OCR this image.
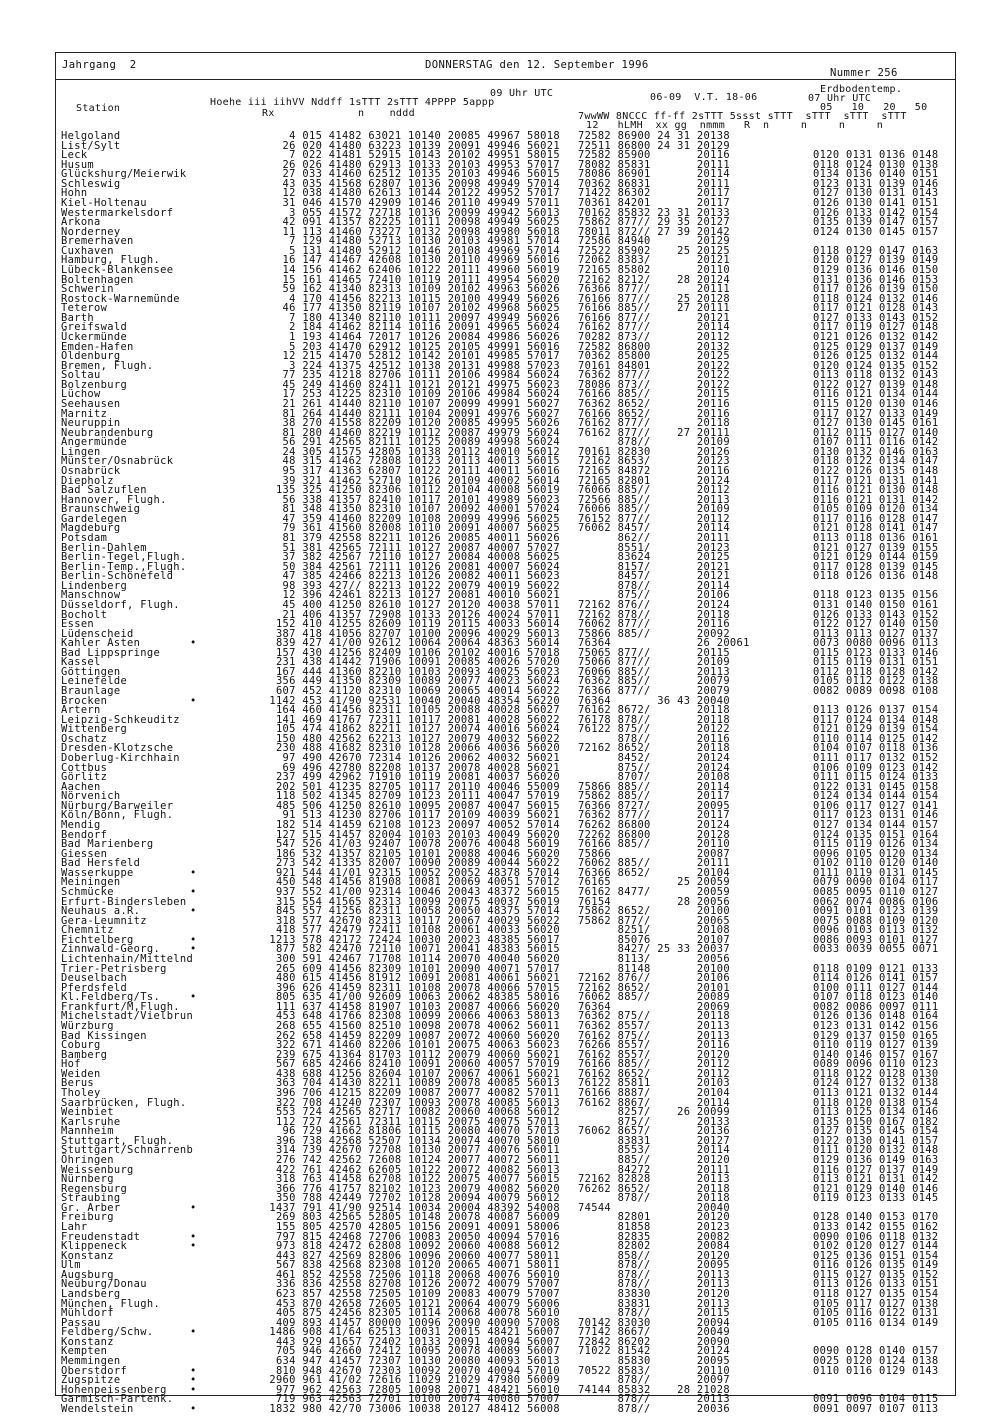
Jahrgang  2	DONNERSTAG den 12. September 1996
Nummer 256
Station
Hoehe iii iihVV Nddff 1sTTT 2sTTT 4PPPP 5appp
Rx	n    nddd
09 Uhr UTC	06-09  V.T. 18-06
Erdbodentemp.
07 Uhr UTC
05   10   20   50
7wwWW 8NCCC ff-ff 2sTTT 5ssst sTTT  sTTT  sTTT  sTTT
12   hLMH  xx gg  nmmm   R  n     n     n     n
Helgoland	4 015 41482 63021 10140 20085 49967 58018 72582 86900 24 31 20138
List/Sylt	26 020 41480 63223 10139 20091 49946 56021 72511 86800 24 31 20129
Leck	7 022 41481 52915 10143 20102 49951 58015 72582 85900       20116	0120 0131 0136 0148
Husum	26 026 41480 62913 10133 20103 49953 57017 78082 85831       20111	0118 0124 0130 0138
Glückshurg/Meierwik	27 033 41460 62512 10135 20103 49946 56015 78086 86901       20114	0134 0136 0140 0151
Schleswig	43 035 41568 62807 10136 20098 49949 57014 70362 86831       20111	0123 0131 0139 0146
Hohn	12 038 41480 62613 10144 20122 49952 57017 71422 86302       20117	0127 0130 0131 0143
Kiel-Holtenau	31 046 41570 42909 10146 20110 49949 57011 70361 84201       20117	0126 0130 0141 0151
Westermarkelsdorf	3 055 41572 72718 10136 20099 49942 56013 70162 85832 23 31 20133	0126 0133 0142 0154
Arkona	42 091 41357 82225 10111 20098 49949 56025 75862 877// 29 35 20127	0135 0139 0147 0157
Norderney	11 113 41460 73227 10132 20098 49980 56018 78011 872// 27 39 20142	0124 0130 0145 0157
Bremerhaven	7 129 41480 52713 10130 20103 49981 57014 72586 84940       20129
Cuxhaven	5 131 41480 52912 10146 20108 49969 57014 72522 85902    25 20125	0118 0129 0147 0163
Hamburg, Flugh.	16 147 41467 42608 10130 20110 49969 56016 72062 8383/       20121	0120 0127 0139 0149
Lübeck-Blankensee	14 156 41462 62406 10122 20111 49960 56019 72165 85802       20110	0129 0136 0146 0150
Boltenhagen	15 161 41465 72410 10119 20111 49954 56020 72162 8212/    28 20124	0131 0136 0146 0153
Schwerin	59 162 41340 82313 10109 20102 49963 56026 76366 877//       20111	0117 0126 0139 0150
Rostock-Warnemünde	4 170 41456 82213 10115 20100 49949 56026 76166 877//    25 20128	0118 0124 0132 0146
Teterow	46 177 41350 82119 10107 20102 49968 56025 76166 885//    27 20111	0117 0121 0128 0143
Barth	7 180 41340 82110 10111 20097 49949 56026 76166 877//       20121	0127 0133 0143 0152
Greifswald	2 184 41462 82114 10116 20091 49965 56024 76162 877//       20114	0117 0119 0127 0148
Ückermünde	1 193 41464 72017 10126 20084 49986 56026 70282 873//       20112	0121 0126 0132 0142
Emden-Hafen	5 203 41470 62912 10125 20105 49991 56016 72582 86800       20132	0125 0129 0137 0149
Oldenburg	12 215 41470 52812 10142 20101 49985 57017 70362 85800       20125	0126 0125 0132 0144
Bremen, Flugh.	3 224 41375 42512 10138 20131 49988 57023 70161 84801       20122	0120 0124 0135 0152
Soltau	77 235 41218 82706 10111 20106 49984 56024 76362 877//       20122	0113 0118 0132 0143
Bolzenburg	45 249 41460 82411 10121 20121 49975 56023 78086 873//       20122	0122 0127 0139 0148
Lüchow	17 253 41225 82310 10109 20106 49984 56024 76166 885//       20115	0116 0121 0134 0144
Seehausen	21 261 41440 82110 10107 20099 49991 56027 76362 8652/       20116	0115 0120 0130 0146
Marnitz	81 264 41440 82111 10104 20091 49976 56027 76166 8652/       20116	0117 0127 0133 0149
Neuruppin	38 270 41558 82209 10120 20085 49995 56026 76162 877//       20118	0127 0130 0145 0161
Neubrandenburg	81 280 41460 82219 10112 20087 49979 56024 76162 877//    27 20111	0112 0115 0127 0140
Angermünde	56 291 42565 82111 10125 20089 49998 56024 878//       20109	0107 0111 0116 0142
Lingen	24 305 41575 42805 10138 20112 40010 56012 70161 82830       20126	0130 0132 0146 0163
Münster/Osnabrück	48 315 41462 72808 10123 20113 40013 56015 72162 8653/       20123	0118 0122 0134 0147
Osnabrück	95 317 41363 62807 10122 20111 40011 56016 72165 84872       20116	0122 0126 0135 0148
Diepholz	39 321 41462 52710 10126 20109 40002 56014 72165 82801       20124	0117 0121 0131 0141
Bad Salzuflen	135 325 41250 82306 10112 20104 40008 56019 76066 885//       20112	0116 0121 0130 0148
Hannover, Flugh.	56 338 41357 82410 10117 20101 49989 56023 72566 885//       20113	0116 0121 0131 0142
Braunschweig	81 348 41350 82310 10107 20092 40001 57024 76066 885//       20109	0105 0109 0120 0134
Gardelegen	47 359 41460 82209 10108 20099 49996 56025 76152 877//       20112	0117 0116 0128 0147
Magdeburg	79 361 41560 82008 10110 20091 40007 56025 76062 8457/       20114	0121 0128 0141 0147
Potsdam	81 379 42558 82211 10126 20085 40011 56026 862//       20111	0113 0118 0136 0161
Berlin-Dahlem	51 381 42565 72111 10127 20087 40007 57027 8551/       20123	0121 0127 0139 0155
Berlin-Tegel,Flugh.	37 382 42567 72110 10127 20084 40008 56025 83624       20125	0121 0129 0144 0159
Berlin-Temp.,Flugh.	50 384 42561 72111 10126 20081 40007 56024 8157/       20121	0117 0128 0139 0145
Berlin-Schönefeld	47 385 42466 82213 10126 20082 40011 56023 8457/       20121	0118 0126 0136 0148
Lindenberg	98 393 427// 82213 10122 20079 40019 56022 878//       20114
Manschnow	12 396 42461 82213 10127 20081 40010 56021 875//       20106	0118 0123 0135 0156
Düsseldorf, Flugh.	45 400 41250 82610 10127 20120 40038 57011 72162 876//       20124	0131 0140 0150 0161
Bocholt	21 406 41357 72908 10133 20126 40024 57011 72162 878//       20118	0126 0133 0143 0152
Essen	152 410 41255 82609 10119 20115 40033 56014 76062 877//       20116	0122 0127 0140 0150
Lüdenscheid	387 418 41056 82707 10100 20096 40029 56013 75866 885//       20092	0113 0113 0127 0137
Kahler Asten	•	839 427 41/00 92612 10064 20064 48363 56014 76364             26 20061	0073 0080 0096 0113
Bad Lippspringe	157 430 41256 82409 10106 20102 40016 57018 75065 877//       20115	0115 0123 0133 0146
Kassel	231 438 41442 71906 10091 20085 40026 57020 75066 877//       20109	0115 0119 0131 0151
Göttingen	167 444 41360 82210 10103 20093 40025 56023 76066 885//       20113	0112 0118 0128 0142
Leinefelde	356 449 41350 82309 10089 20077 40023 56024 76362 885//       20079	0105 0112 0122 0138
Braunlage	607 452 41120 82310 10069 20065 40014 56022 76366 877//       20079	0082 0089 0098 0108
Brocken	•	1142 453 41/90 92531 10040 20040 48354 56220 76364       36 43 20040
Artern	164 460 41456 82311 10105 20088 40028 56027 76162 8672/       20118	0113 0126 0137 0154
Leipzig-Schkeuditz	141 469 41767 72311 10117 20081 40028 56022 76178 878//       20118	0117 0124 0134 0148
Wittenberg	105 474 41862 82211 10127 20074 40016 56024 76122 875//       20122	0121 0129 0139 0154
Oschatz	150 480 42562 62213 10127 20079 40032 56022 878//       20116	0110 0114 0125 0142
Dresden-Klotzsche	230 488 41682 82310 10128 20066 40036 56020 72162 8652/       20118	0104 0107 0118 0136
Doberlug-Kirchhain	97 490 42670 72314 10126 20062 40032 56021 8452/       20124	0111 0117 0132 0152
Cottbus	69 496 42780 82208 10137 20078 40028 56021 875//       20124	0106 0109 0123 0142
Görlitz	237 499 42962 71910 10119 20081 40037 56020 8707/       20108	0111 0115 0124 0133
Aachen	202 501 41235 82705 10117 20110 40046 55009 75866 885//       20114	0122 0131 0145 0158
Nörvenich	118 502 41345 82709 10123 20111 40047 57019 75862 885//       20117	0124 0134 0144 0154
Nürburg/Barweiler	485 506 41250 82610 10095 20087 40047 56015 76366 8727/       20095	0106 0117 0127 0141
Köln/Bonn, Flugh.	91 513 41230 82706 10117 20109 40039 56021 76362 877//       20117	0117 0123 0131 0146
Mendig	182 514 41459 62108 10123 20097 40052 57014 76262 86800       20124	0127 0134 0144 0157
Bendorf	127 515 41457 82004 10103 20103 40049 56020 72262 86800       20128	0124 0135 0151 0164
Bad Marienberg	547 526 41/03 92407 10078 20076 40048 56019 76166 885//       20110	0115 0119 0126 0134
Giessen	186 532 41357 82105 10101 20088 40046 56020 75866             20087	0096 0105 0120 0134
Bad Hersfeld	273 542 41335 82007 10090 20089 40044 56022 76062 885//       20111	0102 0110 0120 0140
Wasserkuppe	•	921 544 41/01 92315 10052 20052 48378 57014 76366 8652/       20104	0111 0119 0131 0145
Meiningen	450 548 41456 81908 10081 20069 40051 57012 76165          25 20059	0079 0090 0104 0117
Schmücke	•	937 552 41/00 92314 10046 20043 48372 56015 76162 8477/       20059	0085 0095 0110 0127
Erfurt-Bindersleben	315 554 41565 82313 10099 20075 40037 56019 76154          28 20056	0062 0074 0086 0106
Neuhaus a.R.	•	845 557 41256 82311 10058 20050 48375 57014 75862 8652/       20100	0091 0101 0123 0139
Gera-Leumnitz	318 577 42670 82313 10117 20067 40029 56022 75862 877//       20065	0075 0088 0109 0120
Chemnitz	418 577 42479 72411 10108 20061 40033 56020 8251/       20108	0096 0103 0113 0132
Fichtelberg	•	1213 578 42172 72424 10030 20023 48385 56017 85076       20107	0086 0093 0101 0127
Zinnwald-Georg.	•	877 582 42470 72110 10071 20041 48383 56015 8427/ 25 33 20037	0033 0039 0055 0071
Lichtenhain/Mittelnd	300 591 42467 71708 10114 20070 40040 56020 8113/       20056
Trier-Petrisberg	265 609 41456 82309 10101 20090 40071 57017 81148       20100	0118 0109 0121 0133
Deuselbach	480 615 41456 81912 10091 20081 40061 56021 72162 876//       20106	0114 0126 0141 0157
Pferdsfeld	396 626 41459 82311 10108 20078 40066 57015 72162 8652/       20101	0100 0111 0127 0144
Kl.Feldberg/Ts.	•	805 635 41/00 92609 10063 20062 48385 58016 76062 885//       20089	0107 0118 0123 0140
Frankfurt/M,Flugh.	111 637 41458 81907 10103 20087 40066 56020 76364             20069	0082 0086 0097 0111
Michelstadt/Vielbrun	453 648 41766 82308 10099 20066 40063 58013 76362 875//       20118	0126 0136 0148 0164
Würzburg	268 655 41560 82510 10098 20078 40062 56011 76362 8557/       20113	0123 0131 0142 0156
Bad Kissingen	262 658 41459 82209 10087 20072 40060 56020 76162 875//       20113	0129 0137 0150 0165
Coburg	322 671 41460 82206 10101 20075 40063 56023 76266 8557/       20116	0110 0119 0127 0139
Bamberg	239 675 41364 81703 10112 20079 40060 56021 76162 8557/       20120	0140 0146 0157 0167
Hof	567 685 42466 82410 10091 20060 40057 57019 76166 885//       20112	0089 0096 0110 0123
Weiden	438 688 41256 82604 10107 20067 40061 56021 76162 8652/       20112	0118 0122 0128 0130
Berus	363 704 41430 82211 10089 20078 40085 56013 76122 85811       20103	0124 0127 0132 0138
Tholey	396 706 41215 82209 10087 20077 40082 57011 76166 8887/       20104	0113 0121 0132 0144
Saarbrücken, Flugh.	322 708 41240 72307 10093 20078 40085 56013 76162 8867/       20114	0118 0120 0138 0154
Weinbiet	553 724 42565 82717 10082 20060 40068 56012 8257/    26 20099	0113 0125 0134 0146
Karlsruhe	112 727 42561 72311 10115 20075 40075 57011 875//       20133	0135 0150 0167 0182
Mannheim	96 729 41662 81806 10115 20080 40070 57013 76062 8657/       20136	0127 0135 0145 0154
Stuttgart, Flugh.	396 738 42568 52507 10134 20074 40070 58010 83831       20127	0122 0130 0141 0157
Stuttgart/Schnarrenb	314 739 42670 72708 10130 20077 40076 56011 8553/       20114	0111 0120 0132 0148
Öhringen	276 742 42562 72608 10124 20077 40072 56011 885//       20120	0129 0136 0149 0163
Weissenburg	422 761 42462 62605 10122 20072 40082 56013 84272       20111	0116 0127 0137 0149
Nürnberg	318 763 41458 62708 10122 20075 40077 56015 72162 82828       20113	0113 0121 0131 0142
Regensburg	366 776 41757 82102 10123 20079 40082 56020 76262 8652/       20118	0121 0129 0140 0146
Straubing	350 788 42449 72702 10128 20094 40079 56012 878//       20118	0119 0123 0133 0145
Gr. Arber	•	1437 791 41/90 92514 10034 20004 48392 54008 74544             20040
Freiburg	269 803 42565 52805 10148 20078 40087 56009 82801       20120	0128 0140 0153 0170
Lahr	155 805 42570 42805 10156 20091 40091 58006 81858       20123	0133 0142 0155 0162
Freudenstadt	•	797 815 42468 72706 10083 20050 40094 57016 82835       20082	0090 0106 0118 0132
Klippeneck	•	973 818 42472 62808 10092 20060 40088 56012 82802       20084	0102 0120 0127 0144
Konstanz	443 827 42569 82806 10096 20060 40077 58011 858//       20120	0125 0136 0151 0154
Ulm	567 838 42568 82308 10120 20065 40071 58011 878//       20095	0116 0126 0135 0149
Augsburg	461 852 42558 72506 10118 20068 40076 56010 878//       20113	0115 0127 0135 0152
Neuburg/Donau	336 836 42558 82708 10126 20072 40079 57007 878//       20113	0113 0126 0133 0151
Landsberg	623 857 42558 72505 10109 20083 40079 57007 83830       20120	0118 0127 0135 0154
München, Flugh.	453 870 42658 72605 10121 20064 40079 56006 83831       20113	0105 0117 0127 0138
Mühldorf	405 875 42456 82305 10114 20068 40078 56010 878//       20115	0105 0116 0122 0131
Passau	409 893 41457 80000 10096 20090 40090 57008 70142 83030       20094	0105 0116 0134 0149
Feldberg/Schw.	•	1486 908 41/64 62513 10031 20015 48421 56007 77142 8667/       20049
Konstanz	443 929 41657 72402 10133 20091 40094 56007 72842 86202       20090
Kempten	705 946 42660 72412 10095 20078 40089 56007 71022 81542       20124	0090 0128 0140 0157
Memmingen	634 947 41457 72307 10130 20080 40093 56013 85830       20095	0025 0120 0124 0138
Oberstdorf	•	810 948 42670 72303 10092 20070 40094 57010 70522 8583/       20110	0110 0116 0129 0143
Zugspitze	•	2960 961 41/02 72616 11029 21029 47980 56009 878//       20097
Hohenpeissenberg •	977 962 42563 72805 10098 20071 48421 56010 74144 85832    28 21028
Garmisch-Partenk.	719 963 42563 72701 10100 20074 40080 57007 878//       20113	0091 0096 0104 0115
Wendelstein	•	1832 980 42/70 73006 10038 20127 48412 56008 878//       20036	0091 0097 0107 0113
